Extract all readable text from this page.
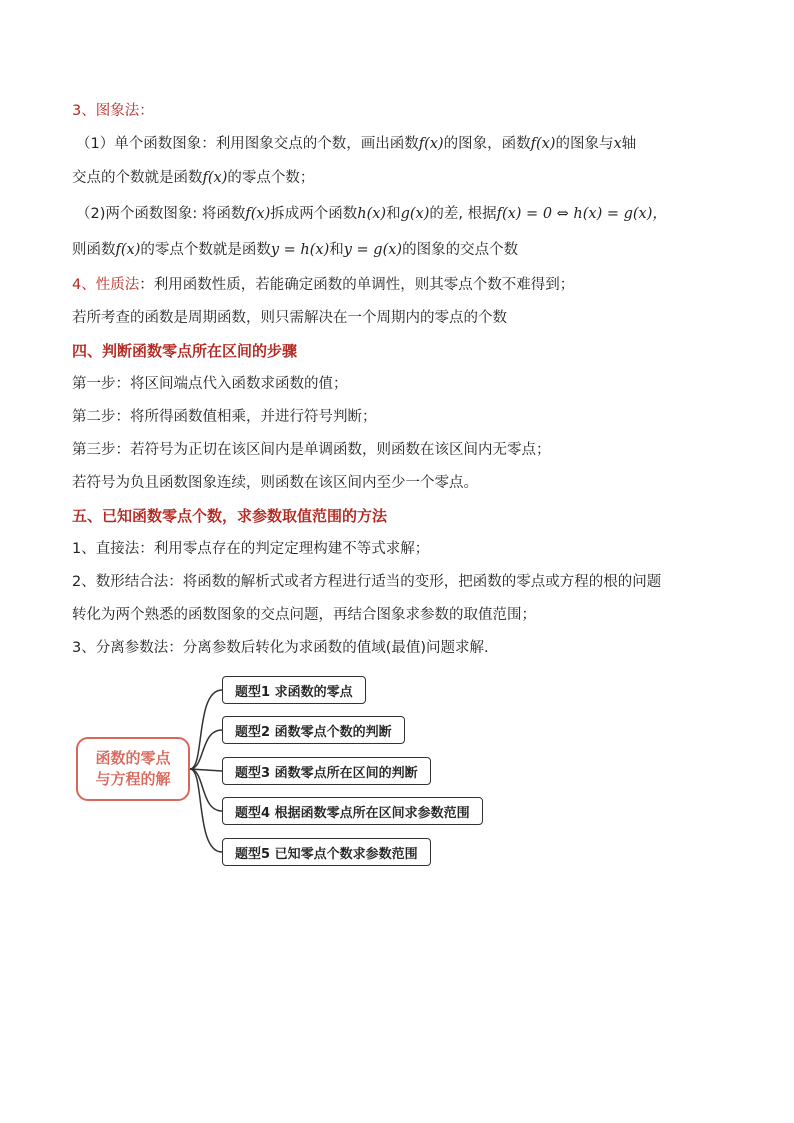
3、图象法：
（1）单个函数图象：利用图象交点的个数，画出函数f(x)的图象，函数f(x)的图象与x轴
交点的个数就是函数f(x)的零点个数；
（2)两个函数图象: 将函数f(x)拆成两个函数h(x)和g(x)的差, 根据f(x) = 0 ⇔ h(x) = g(x)，
则函数f(x)的零点个数就是函数y = h(x)和y = g(x)的图象的交点个数
4、性质法：利用函数性质，若能确定函数的单调性，则其零点个数不难得到；
若所考查的函数是周期函数，则只需解决在一个周期内的零点的个数
四、判断函数零点所在区间的步骤
第一步：将区间端点代入函数求函数的值；
第二步：将所得函数值相乘，并进行符号判断；
第三步：若符号为正切在该区间内是单调函数，则函数在该区间内无零点；
若符号为负且函数图象连续，则函数在该区间内至少一个零点。
五、已知函数零点个数，求参数取值范围的方法
1、直接法：利用零点存在的判定定理构建不等式求解；
2、数形结合法：将函数的解析式或者方程进行适当的变形，把函数的零点或方程的根的问题
转化为两个熟悉的函数图象的交点问题，再结合图象求参数的取值范围；
3、分离参数法：分离参数后转化为求函数的值域(最值)问题求解.
函数的零点
与方程的解
题型1 求函数的零点
题型2 函数零点个数的判断
题型3 函数零点所在区间的判断
题型4 根据函数零点所在区间求参数范围
题型5 已知零点个数求参数范围
